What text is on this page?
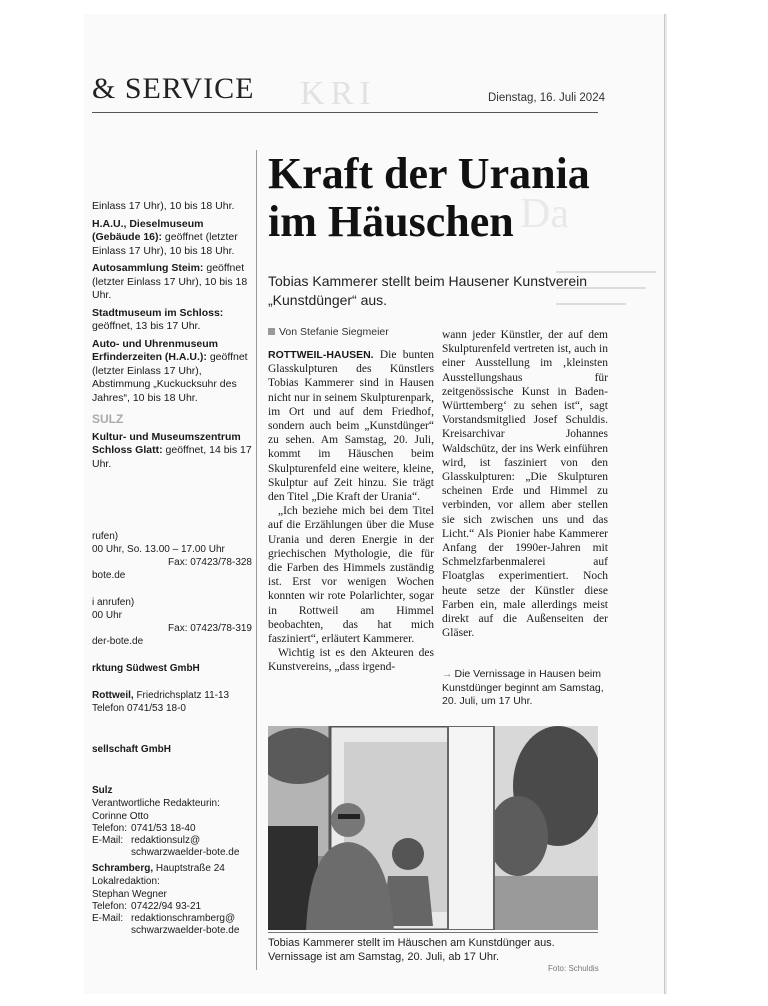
KRI
Da
& SERVICE	Dienstag, 16. Juli 2024

Einlass 17 Uhr), 10 bis 18 Uhr.

H.A.U., Dieselmuseum (Gebäude 16): geöffnet (letzter Einlass 17 Uhr), 10 bis 18 Uhr.

Autosammlung Steim: geöffnet (letzter Einlass 17 Uhr), 10 bis 18 Uhr.

Stadtmuseum im Schloss: geöffnet, 13 bis 17 Uhr.

Auto- und Uhrenmuseum Erfinderzeiten (H.A.U.): geöffnet (letzter Einlass 17 Uhr), Abstimmung „Kuckucksuhr des Jahres“, 10 bis 18 Uhr.

SULZ

Kultur- und Museumszentrum Schloss Glatt: geöffnet, 14 bis 17 Uhr.

rufen)
00 Uhr, So. 13.00 – 17.00 Uhr
Fax: 07423/78-328
bote.de
i anrufen)
00 Uhr
Fax: 07423/78-319
der-bote.de
rktung Südwest GmbH
Rottweil, Friedrichsplatz 11-13
Telefon 0741/53 18-0
sellschaft GmbH
Sulz
Verantwortliche Redakteurin:
Corinne Otto
Telefon:	0741/53 18-40
E-Mail:	redaktionsulz@
schwarzwaelder-bote.de
Schramberg, Hauptstraße 24
Lokalredaktion:
Stephan Wegner
Telefon:	07422/94 93-21
E-Mail:	redaktionschramberg@
schwarzwaelder-bote.de
Kraft der Urania
im Häuschen
Tobias Kammerer stellt beim Hausener Kunstverein „Kunstdünger“ aus.
Von Stefanie Siegmeier

ROTTWEIL-HAUSEN. Die bunten Glasskulpturen des Künstlers Tobias Kammerer sind in Hausen nicht nur in seinem Skulpturenpark, im Ort und auf dem Friedhof, sondern auch beim „Kunstdünger“ zu sehen. Am Samstag, 20. Juli, kommt im Häuschen beim Skulpturenfeld eine weitere, kleine, Skulptur auf Zeit hinzu. Sie trägt den Titel „Die Kraft der Urania“.

„Ich beziehe mich bei dem Titel auf die Erzählungen über die Muse Urania und deren Energie in der griechischen Mythologie, die für die Farben des Himmels zuständig ist. Erst vor wenigen Wochen konnten wir rote Polarlichter, sogar in Rottweil am Himmel beobachten, das hat mich fasziniert“, erläutert Kammerer.

Wichtig ist es den Akteuren des Kunstvereins, „dass irgend-

wann jeder Künstler, der auf dem Skulpturenfeld vertreten ist, auch in einer Ausstellung im ‚kleinsten Ausstellungshaus für zeitgenössische Kunst in Baden-Württemberg‘ zu sehen ist“, sagt Vorstandsmitglied Josef Schuldis. Kreisarchivar Johannes Waldschütz, der ins Werk einführen wird, ist fasziniert von den Glasskulpturen: „Die Skulpturen scheinen Erde und Himmel zu verbinden, vor allem aber stellen sie sich zwischen uns und das Licht.“ Als Pionier habe Kammerer Anfang der 1990er-Jahren mit Schmelzfarbenmalerei auf Floatglas experimentiert. Noch heute setze der Künstler diese Farben ein, male allerdings meist direkt auf die Außenseiten der Gläser.

→ Die Vernissage in Hausen beim Kunstdünger beginnt am Samstag, 20. Juli, um 17 Uhr.
Tobias Kammerer stellt im Häuschen am Kunstdünger aus. Vernissage ist am Samstag, 20. Juli, ab 17 Uhr.
Foto: Schuldis
